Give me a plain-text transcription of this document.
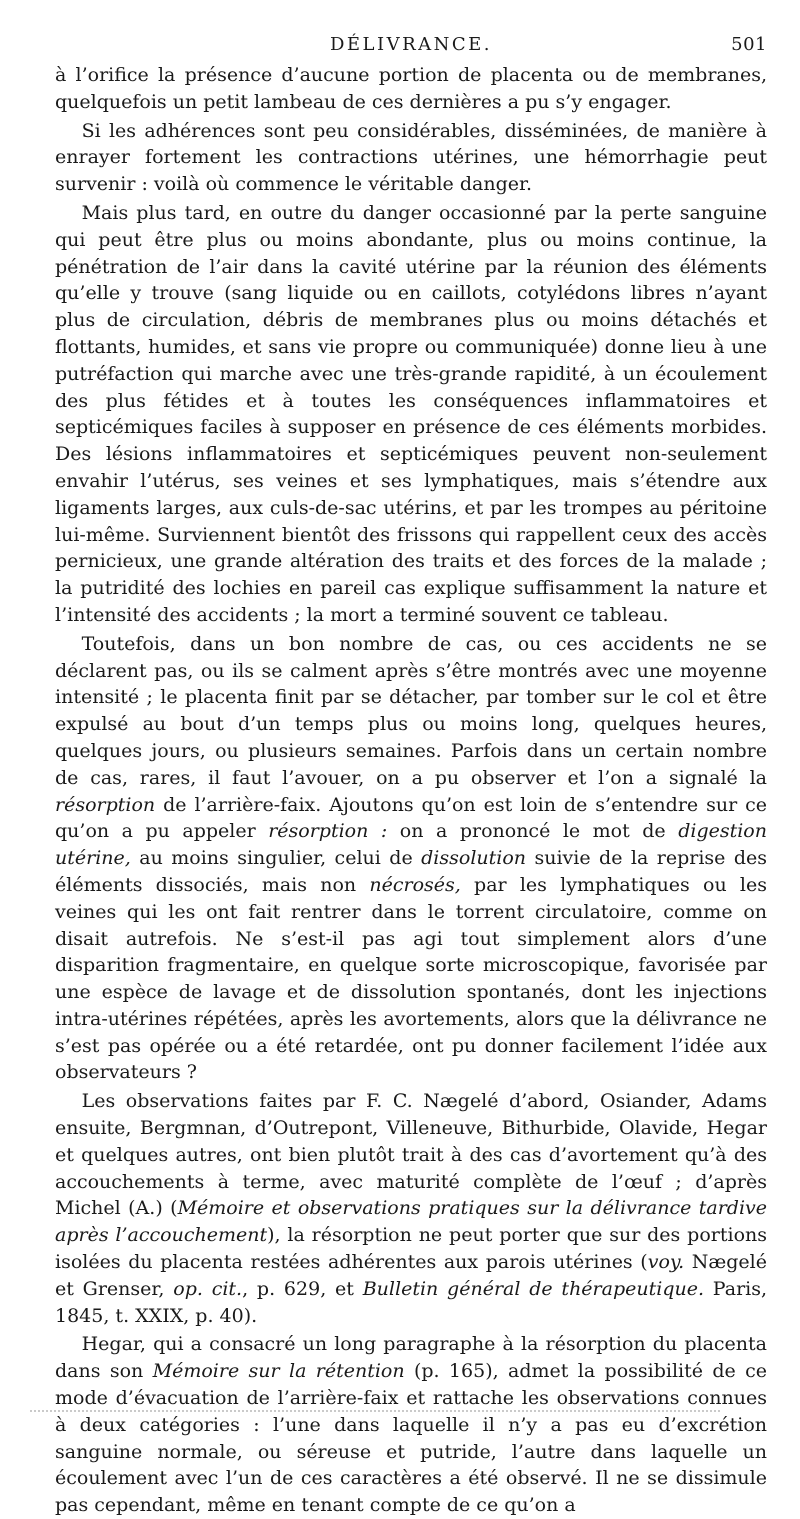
DÉLIVRANCE.	501

à l’orifice la présence d’aucune portion de placenta ou de membranes, quelquefois un petit lambeau de ces dernières a pu s’y engager.

Si les adhérences sont peu considérables, disséminées, de manière à enrayer fortement les contractions utérines, une hémorrhagie peut survenir : voilà où commence le véritable danger.

Mais plus tard, en outre du danger occasionné par la perte sanguine qui peut être plus ou moins abondante, plus ou moins continue, la pénétration de l’air dans la cavité utérine par la réunion des éléments qu’elle y trouve (sang liquide ou en caillots, cotylédons libres n’ayant plus de circulation, débris de membranes plus ou moins détachés et flottants, humides, et sans vie propre ou communiquée) donne lieu à une putréfaction qui marche avec une très-grande rapidité, à un écoulement des plus fétides et à toutes les conséquences inflammatoires et septicémiques faciles à supposer en présence de ces éléments morbides. Des lésions inflammatoires et septicémiques peuvent non-seulement envahir l’utérus, ses veines et ses lymphatiques, mais s’étendre aux ligaments larges, aux culs-de-sac utérins, et par les trompes au péritoine lui-même. Surviennent bientôt des frissons qui rappellent ceux des accès pernicieux, une grande altération des traits et des forces de la malade ; la putridité des lochies en pareil cas explique suffisamment la nature et l’intensité des accidents ; la mort a terminé souvent ce tableau.

Toutefois, dans un bon nombre de cas, ou ces accidents ne se déclarent pas, ou ils se calment après s’être montrés avec une moyenne intensité ; le placenta finit par se détacher, par tomber sur le col et être expulsé au bout d’un temps plus ou moins long, quelques heures, quelques jours, ou plusieurs semaines. Parfois dans un certain nombre de cas, rares, il faut l’avouer, on a pu observer et l’on a signalé la résorption de l’arrière-faix. Ajoutons qu’on est loin de s’entendre sur ce qu’on a pu appeler résorption : on a prononcé le mot de digestion utérine, au moins singulier, celui de dissolution suivie de la reprise des éléments dissociés, mais non nécrosés, par les lymphatiques ou les veines qui les ont fait rentrer dans le torrent circulatoire, comme on disait autrefois. Ne s’est-il pas agi tout simplement alors d’une disparition fragmentaire, en quelque sorte microscopique, favorisée par une espèce de lavage et de dissolution spontanés, dont les injections intra-utérines répétées, après les avortements, alors que la délivrance ne s’est pas opérée ou a été retardée, ont pu donner facilement l’idée aux observateurs ?

Les observations faites par F. C. Nægelé d’abord, Osiander, Adams ensuite, Bergmnan, d’Outrepont, Villeneuve, Bithurbide, Olavide, Hegar et quelques autres, ont bien plutôt trait à des cas d’avortement qu’à des accouchements à terme, avec maturité complète de l’œuf ; d’après Michel (A.) (Mémoire et observations pratiques sur la délivrance tardive après l’accouchement), la résorption ne peut porter que sur des portions isolées du placenta restées adhérentes aux parois utérines (voy. Nægelé et Grenser, op. cit., p. 629, et Bulletin général de thérapeutique. Paris, 1845, t. XXIX, p. 40).

Hegar, qui a consacré un long paragraphe à la résorption du placenta dans son Mémoire sur la rétention (p. 165), admet la possibilité de ce mode d’évacuation de l’arrière-faix et rattache les observations connues à deux catégories : l’une dans laquelle il n’y a pas eu d’excrétion sanguine normale, ou séreuse et putride, l’autre dans laquelle un écoulement avec l’un de ces caractères a été observé. Il ne se dissimule pas cependant, même en tenant compte de ce qu’on a
